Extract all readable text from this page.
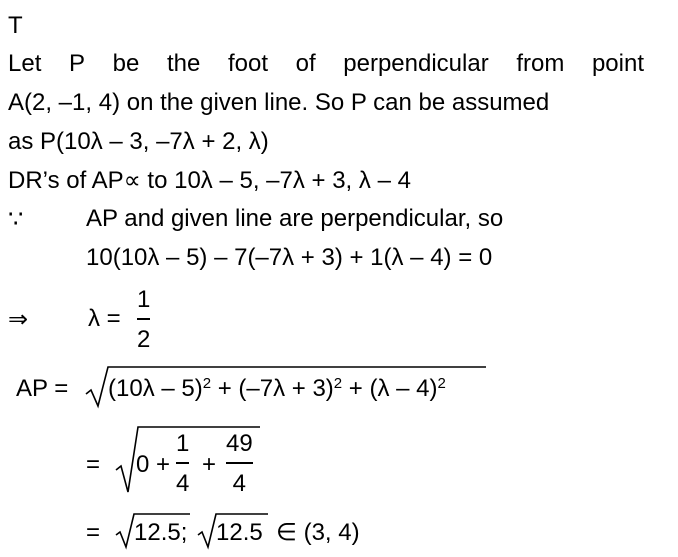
T
Let P be the foot of perpendicular from point
A(2, –1, 4) on the given line. So P can be assumed
as P(10λ – 3, –7λ + 2, λ)
DR’s of AP∝ to 10λ – 5, –7λ + 3, λ – 4
∵	AP and given line are perpendicular, so
10(10λ – 5) – 7(–7λ + 3) + 1(λ – 4) = 0
⇒ λ =
1
2
AP = $(10\lambda - 5)^2 + (-7\lambda + 3)^2 + (\lambda - 4)^2$
= 0 +
1
4
+
49
4
= 12.5; 12.5 ∈ (3, 4)
